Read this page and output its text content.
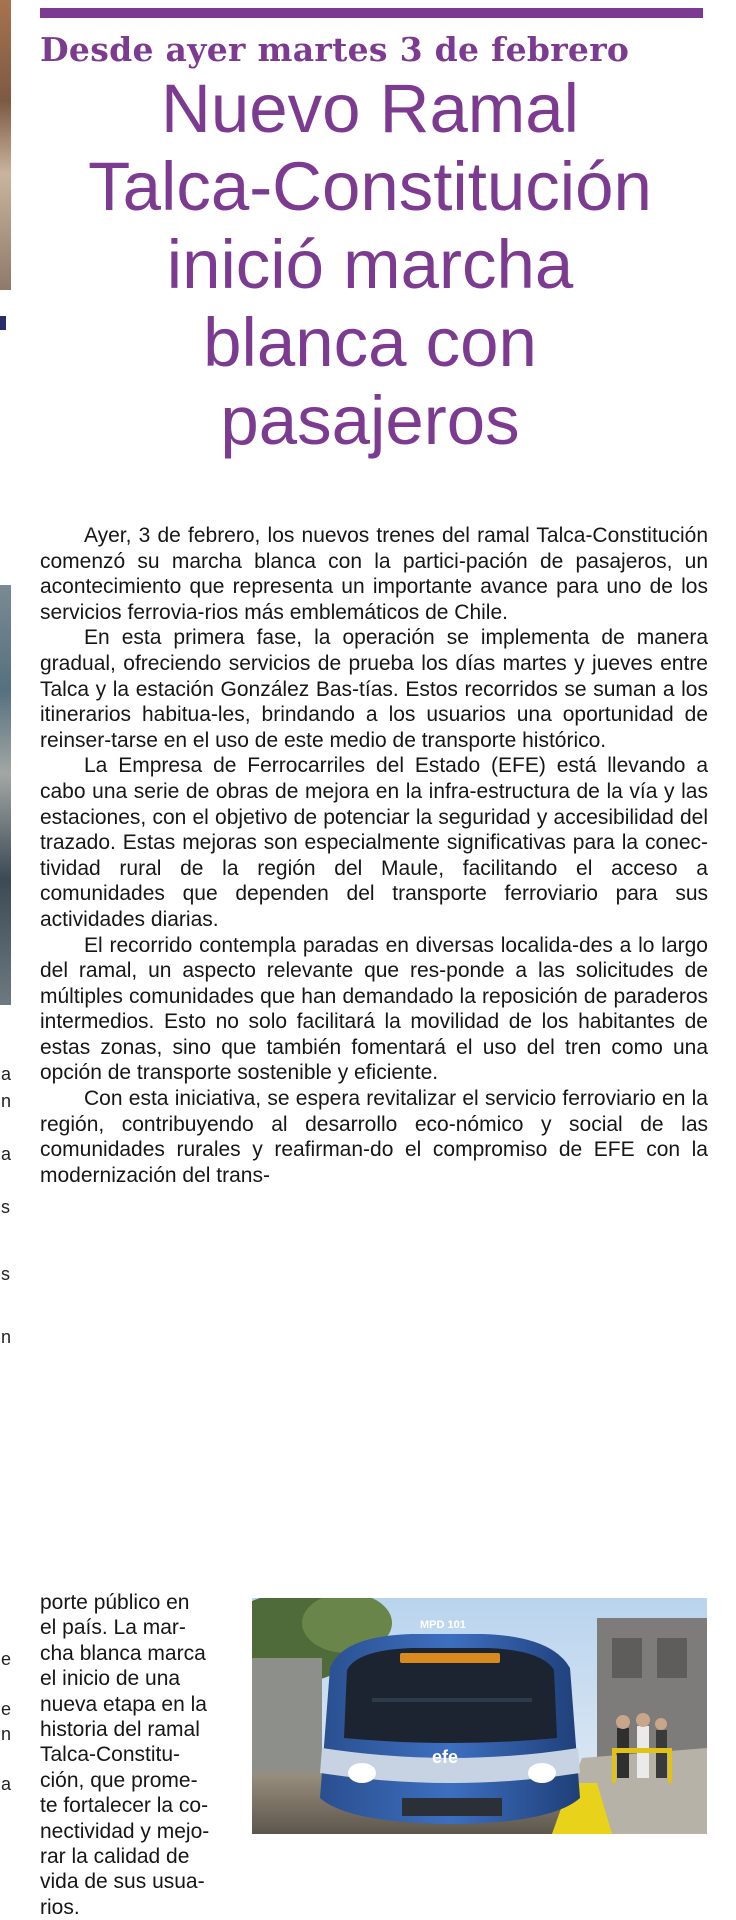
a
n
a
s
s
n
e
e
n
a
Desde ayer martes 3 de febrero
Nuevo Ramal
Talca-Constitución
inició marcha
blanca con
pasajeros

Ayer, 3 de febrero, los nuevos trenes del ramal Talca-Constitución comenzó su marcha blanca con la partici-pación de pasajeros, un acontecimiento que representa un importante avance para uno de los servicios ferrovia-rios más emblemáticos de Chile.

En esta primera fase, la operación se implementa de manera gradual, ofreciendo servicios de prueba los días martes y jueves entre Talca y la estación González Bas-tías. Estos recorridos se suman a los itinerarios habitua-les, brindando a los usuarios una oportunidad de reinser-tarse en el uso de este medio de transporte histórico.

La Empresa de Ferrocarriles del Estado (EFE) está llevando a cabo una serie de obras de mejora en la infra-estructura de la vía y las estaciones, con el objetivo de potenciar la seguridad y accesibilidad del trazado. Estas mejoras son especialmente significativas para la conec-tividad rural de la región del Maule, facilitando el acceso a comunidades que dependen del transporte ferroviario para sus actividades diarias.

El recorrido contempla paradas en diversas localida-des a lo largo del ramal, un aspecto relevante que res-ponde a las solicitudes de múltiples comunidades que han demandado la reposición de paraderos intermedios. Esto no solo facilitará la movilidad de los habitantes de estas zonas, sino que también fomentará el uso del tren como una opción de transporte sostenible y eficiente.

Con esta iniciativa, se espera revitalizar el servicio ferroviario en la región, contribuyendo al desarrollo eco-nómico y social de las comunidades rurales y reafirman-do el compromiso de EFE con la modernización del trans-

porte público en
el país. La mar-
cha blanca marca
el inicio de una
nueva etapa en la
historia del ramal
Talca-Constitu-
ción, que prome-
te fortalecer la co-
nectividad y mejo-
rar la calidad de
vida de sus usua-
rios.
MPD 101
efe
